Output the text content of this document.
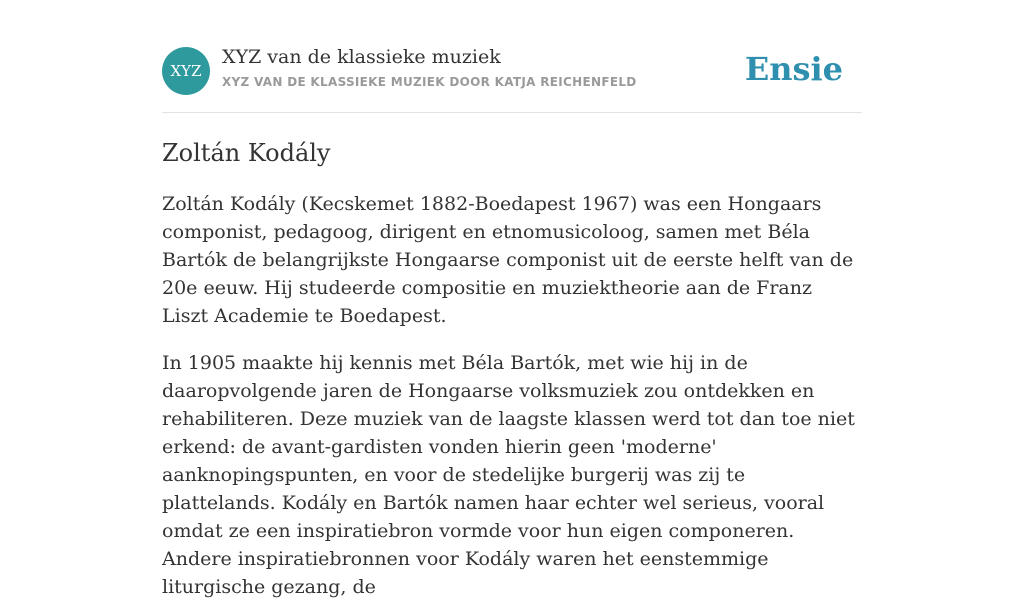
XYZ
XYZ van de klassieke muziek
XYZ VAN DE KLASSIEKE MUZIEK DOOR KATJA REICHENFELD	Ensie
Zoltán Kodály

Zoltán Kodály (Kecskemet 1882-Boedapest 1967) was een Hongaars componist, pedagoog, dirigent en etnomusicoloog, samen met Béla Bartók de belangrijkste Hongaarse componist uit de eerste helft van de 20e eeuw. Hij studeerde compositie en muziektheorie aan de Franz Liszt Academie te Boedapest.

In 1905 maakte hij kennis met Béla Bartók, met wie hij in de daaropvolgende jaren de Hongaarse volksmuziek zou ontdekken en rehabiliteren. Deze muziek van de laagste klassen werd tot dan toe niet erkend: de avant-gardisten vonden hierin geen 'moderne' aanknopingspunten, en voor de stedelijke burgerij was zij te plattelands. Kodály en Bartók namen haar echter wel serieus, vooral omdat ze een inspiratiebron vormde voor hun eigen componeren. Andere inspiratiebronnen voor Kodály waren het eenstemmige liturgische gezang, de
